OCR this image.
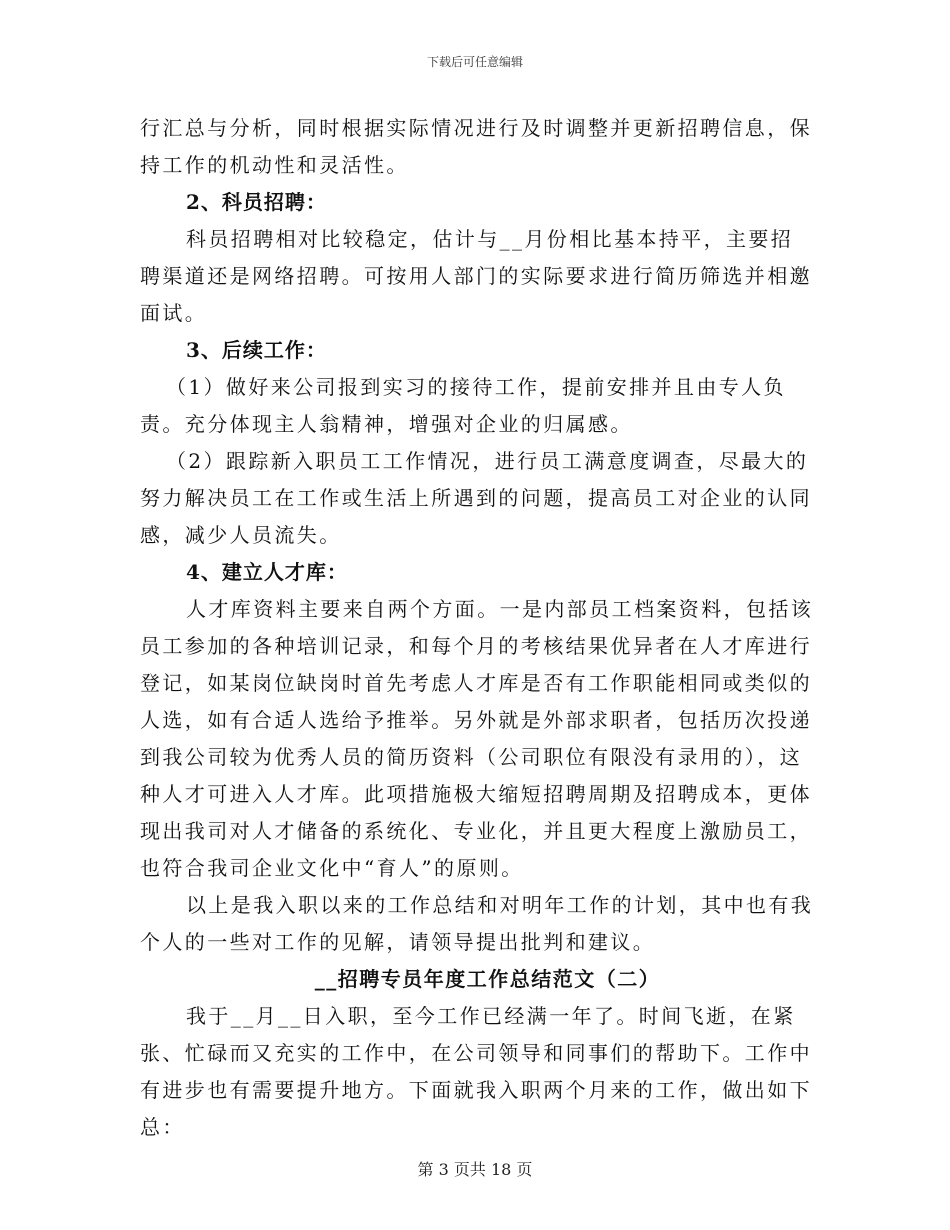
下载后可任意编辑

行汇总与分析，同时根据实际情况进行及时调整并更新招聘信息，保持工作的机动性和灵活性。

2、科员招聘：

科员招聘相对比较稳定，估计与__月份相比基本持平，主要招聘渠道还是网络招聘。可按用人部门的实际要求进行简历筛选并相邀面试。

3、后续工作：

（1）做好来公司报到实习的接待工作，提前安排并且由专人负责。充分体现主人翁精神，增强对企业的归属感。

（2）跟踪新入职员工工作情况，进行员工满意度调查，尽最大的努力解决员工在工作或生活上所遇到的问题，提高员工对企业的认同感，减少人员流失。

4、建立人才库：

人才库资料主要来自两个方面。一是内部员工档案资料，包括该员工参加的各种培训记录，和每个月的考核结果优异者在人才库进行登记，如某岗位缺岗时首先考虑人才库是否有工作职能相同或类似的人选，如有合适人选给予推举。另外就是外部求职者，包括历次投递到我公司较为优秀人员的简历资料（公司职位有限没有录用的），这种人才可进入人才库。此项措施极大缩短招聘周期及招聘成本，更体现出我司对人才储备的系统化、专业化，并且更大程度上激励员工，也符合我司企业文化中“育人”的原则。

以上是我入职以来的工作总结和对明年工作的计划，其中也有我个人的一些对工作的见解，请领导提出批判和建议。

__招聘专员年度工作总结范文（二）

我于__月__日入职，至今工作已经满一年了。时间飞逝，在紧张、忙碌而又充实的工作中，在公司领导和同事们的帮助下。工作中有进步也有需要提升地方。下面就我入职两个月来的工作，做出如下总：

第 3 页共 18 页
